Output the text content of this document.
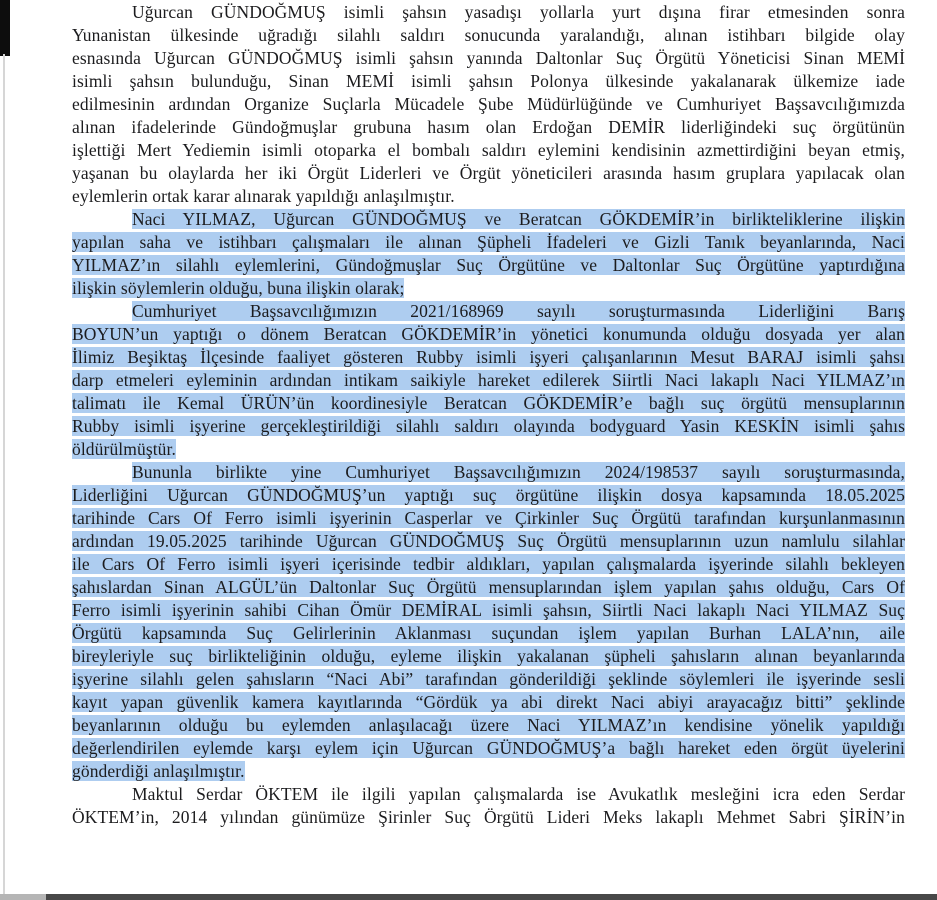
Uğurcan GÜNDOĞMUŞ isimli şahsın yasadışı yollarla yurt dışına firar etmesinden sonra
Yunanistan ülkesinde uğradığı silahlı saldırı sonucunda yaralandığı, alınan istihbarı bilgide olay
esnasında Uğurcan GÜNDOĞMUŞ isimli şahsın yanında Daltonlar Suç Örgütü Yöneticisi Sinan MEMİ
isimli şahsın bulunduğu, Sinan MEMİ isimli şahsın Polonya ülkesinde yakalanarak ülkemize iade
edilmesinin ardından Organize Suçlarla Mücadele Şube Müdürlüğünde ve Cumhuriyet Başsavcılığımızda
alınan ifadelerinde Gündoğmuşlar grubuna hasım olan Erdoğan DEMİR liderliğindeki suç örgütünün
işlettiği Mert Yediemin isimli otoparka el bombalı saldırı eylemini kendisinin azmettirdiğini beyan etmiş,
yaşanan bu olaylarda her iki Örgüt Liderleri ve Örgüt yöneticileri arasında hasım gruplara yapılacak olan
eylemlerin ortak karar alınarak yapıldığı anlaşılmıştır.
Naci YILMAZ, Uğurcan GÜNDOĞMUŞ ve Beratcan GÖKDEMİR’in birlikteliklerine ilişkin
yapılan saha ve istihbarı çalışmaları ile alınan Şüpheli İfadeleri ve Gizli Tanık beyanlarında, Naci
YILMAZ’ın silahlı eylemlerini, Gündoğmuşlar Suç Örgütüne ve Daltonlar Suç Örgütüne yaptırdığına
ilişkin söylemlerin olduğu, buna ilişkin olarak;
Cumhuriyet Başsavcılığımızın 2021/168969 sayılı soruşturmasında Liderliğini Barış
BOYUN’un yaptığı o dönem Beratcan GÖKDEMİR’in yönetici konumunda olduğu dosyada yer alan
İlimiz Beşiktaş İlçesinde faaliyet gösteren Rubby isimli işyeri çalışanlarının Mesut BARAJ isimli şahsı
darp etmeleri eyleminin ardından intikam saikiyle hareket edilerek Siirtli Naci lakaplı Naci YILMAZ’ın
talimatı ile Kemal ÜRÜN’ün koordinesiyle Beratcan GÖKDEMİR’e bağlı suç örgütü mensuplarının
Rubby isimli işyerine gerçekleştirildiği silahlı saldırı olayında bodyguard Yasin KESKİN isimli şahıs
öldürülmüştür.
Bununla birlikte yine Cumhuriyet Başsavcılığımızın 2024/198537 sayılı soruşturmasında,
Liderliğini Uğurcan GÜNDOĞMUŞ’un yaptığı suç örgütüne ilişkin dosya kapsamında 18.05.2025
tarihinde Cars Of Ferro isimli işyerinin Casperlar ve Çirkinler Suç Örgütü tarafından kurşunlanmasının
ardından 19.05.2025 tarihinde Uğurcan GÜNDOĞMUŞ Suç Örgütü mensuplarının uzun namlulu silahlar
ile Cars Of Ferro isimli işyeri içerisinde tedbir aldıkları, yapılan çalışmalarda işyerinde silahlı bekleyen
şahıslardan Sinan ALGÜL’ün Daltonlar Suç Örgütü mensuplarından işlem yapılan şahıs olduğu, Cars Of
Ferro isimli işyerinin sahibi Cihan Ömür DEMİRAL isimli şahsın, Siirtli Naci lakaplı Naci YILMAZ Suç
Örgütü kapsamında Suç Gelirlerinin Aklanması suçundan işlem yapılan Burhan LALA’nın, aile
bireyleriyle suç birlikteliğinin olduğu, eyleme ilişkin yakalanan şüpheli şahısların alınan beyanlarında
işyerine silahlı gelen şahısların “Naci Abi” tarafından gönderildiği şeklinde söylemleri ile işyerinde sesli
kayıt yapan güvenlik kamera kayıtlarında “Gördük ya abi direkt Naci abiyi arayacağız bitti” şeklinde
beyanlarının olduğu bu eylemden anlaşılacağı üzere Naci YILMAZ’ın kendisine yönelik yapıldığı
değerlendirilen eylemde karşı eylem için Uğurcan GÜNDOĞMUŞ’a bağlı hareket eden örgüt üyelerini
gönderdiği anlaşılmıştır.
Maktul Serdar ÖKTEM ile ilgili yapılan çalışmalarda ise Avukatlık mesleğini icra eden Serdar
ÖKTEM’in, 2014 yılından günümüze Şirinler Suç Örgütü Lideri Meks lakaplı Mehmet Sabri ŞİRİN’in
